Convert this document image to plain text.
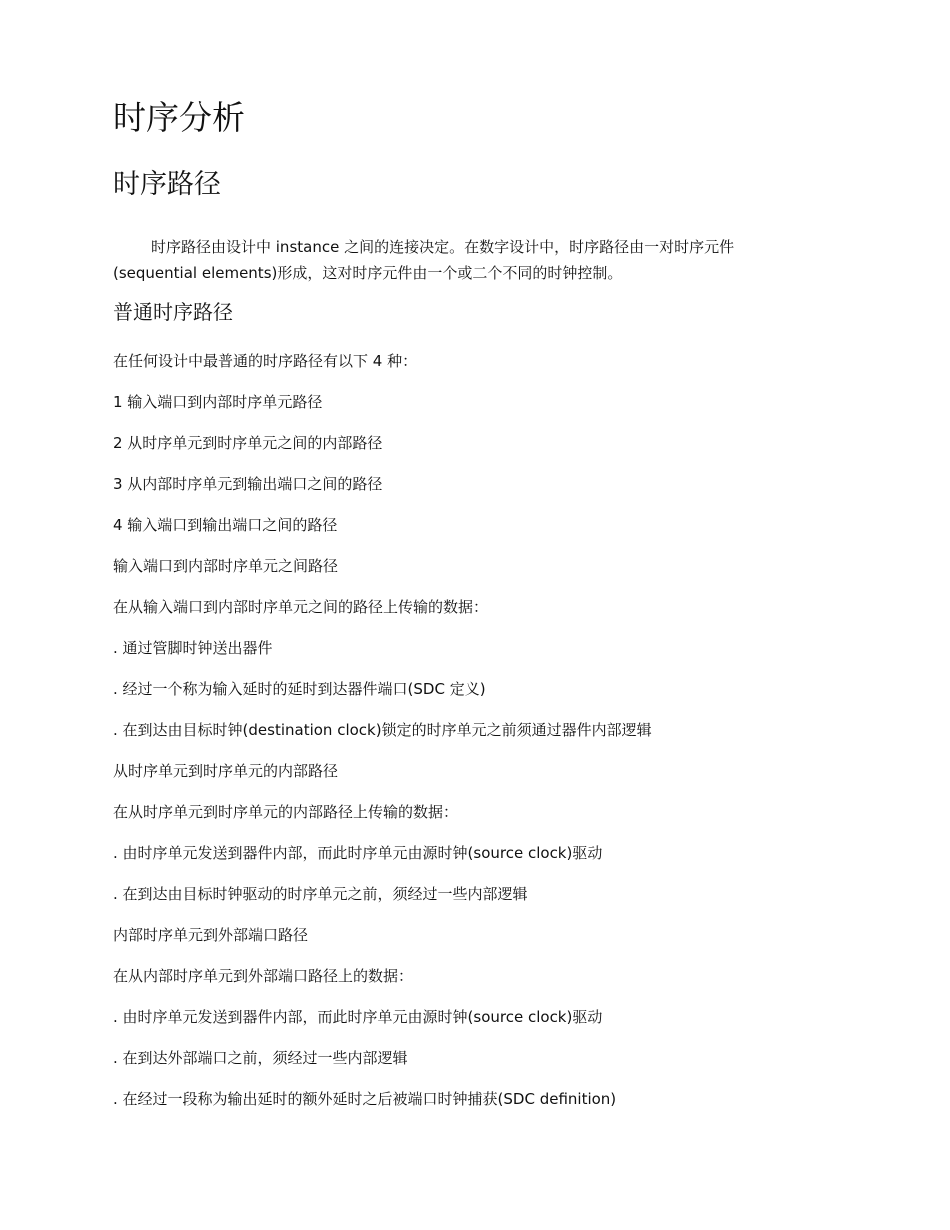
时序分析
时序路径

时序路径由设计中 instance 之间的连接决定。在数字设计中，时序路径由一对时序元件
(sequential elements)形成，这对时序元件由一个或二个不同的时钟控制。

普通时序路径

在任何设计中最普通的时序路径有以下 4 种：

1 输入端口到内部时序单元路径

2 从时序单元到时序单元之间的内部路径

3 从内部时序单元到输出端口之间的路径

4 输入端口到输出端口之间的路径

输入端口到内部时序单元之间路径

在从输入端口到内部时序单元之间的路径上传输的数据：

. 通过管脚时钟送出器件

. 经过一个称为输入延时的延时到达器件端口(SDC 定义)

. 在到达由目标时钟(destination clock)锁定的时序单元之前须通过器件内部逻辑

从时序单元到时序单元的内部路径

在从时序单元到时序单元的内部路径上传输的数据：

. 由时序单元发送到器件内部，而此时序单元由源时钟(source clock)驱动

. 在到达由目标时钟驱动的时序单元之前，须经过一些内部逻辑

内部时序单元到外部端口路径

在从内部时序单元到外部端口路径上的数据：

. 由时序单元发送到器件内部，而此时序单元由源时钟(source clock)驱动

. 在到达外部端口之前，须经过一些内部逻辑

. 在经过一段称为输出延时的额外延时之后被端口时钟捕获(SDC definition)
